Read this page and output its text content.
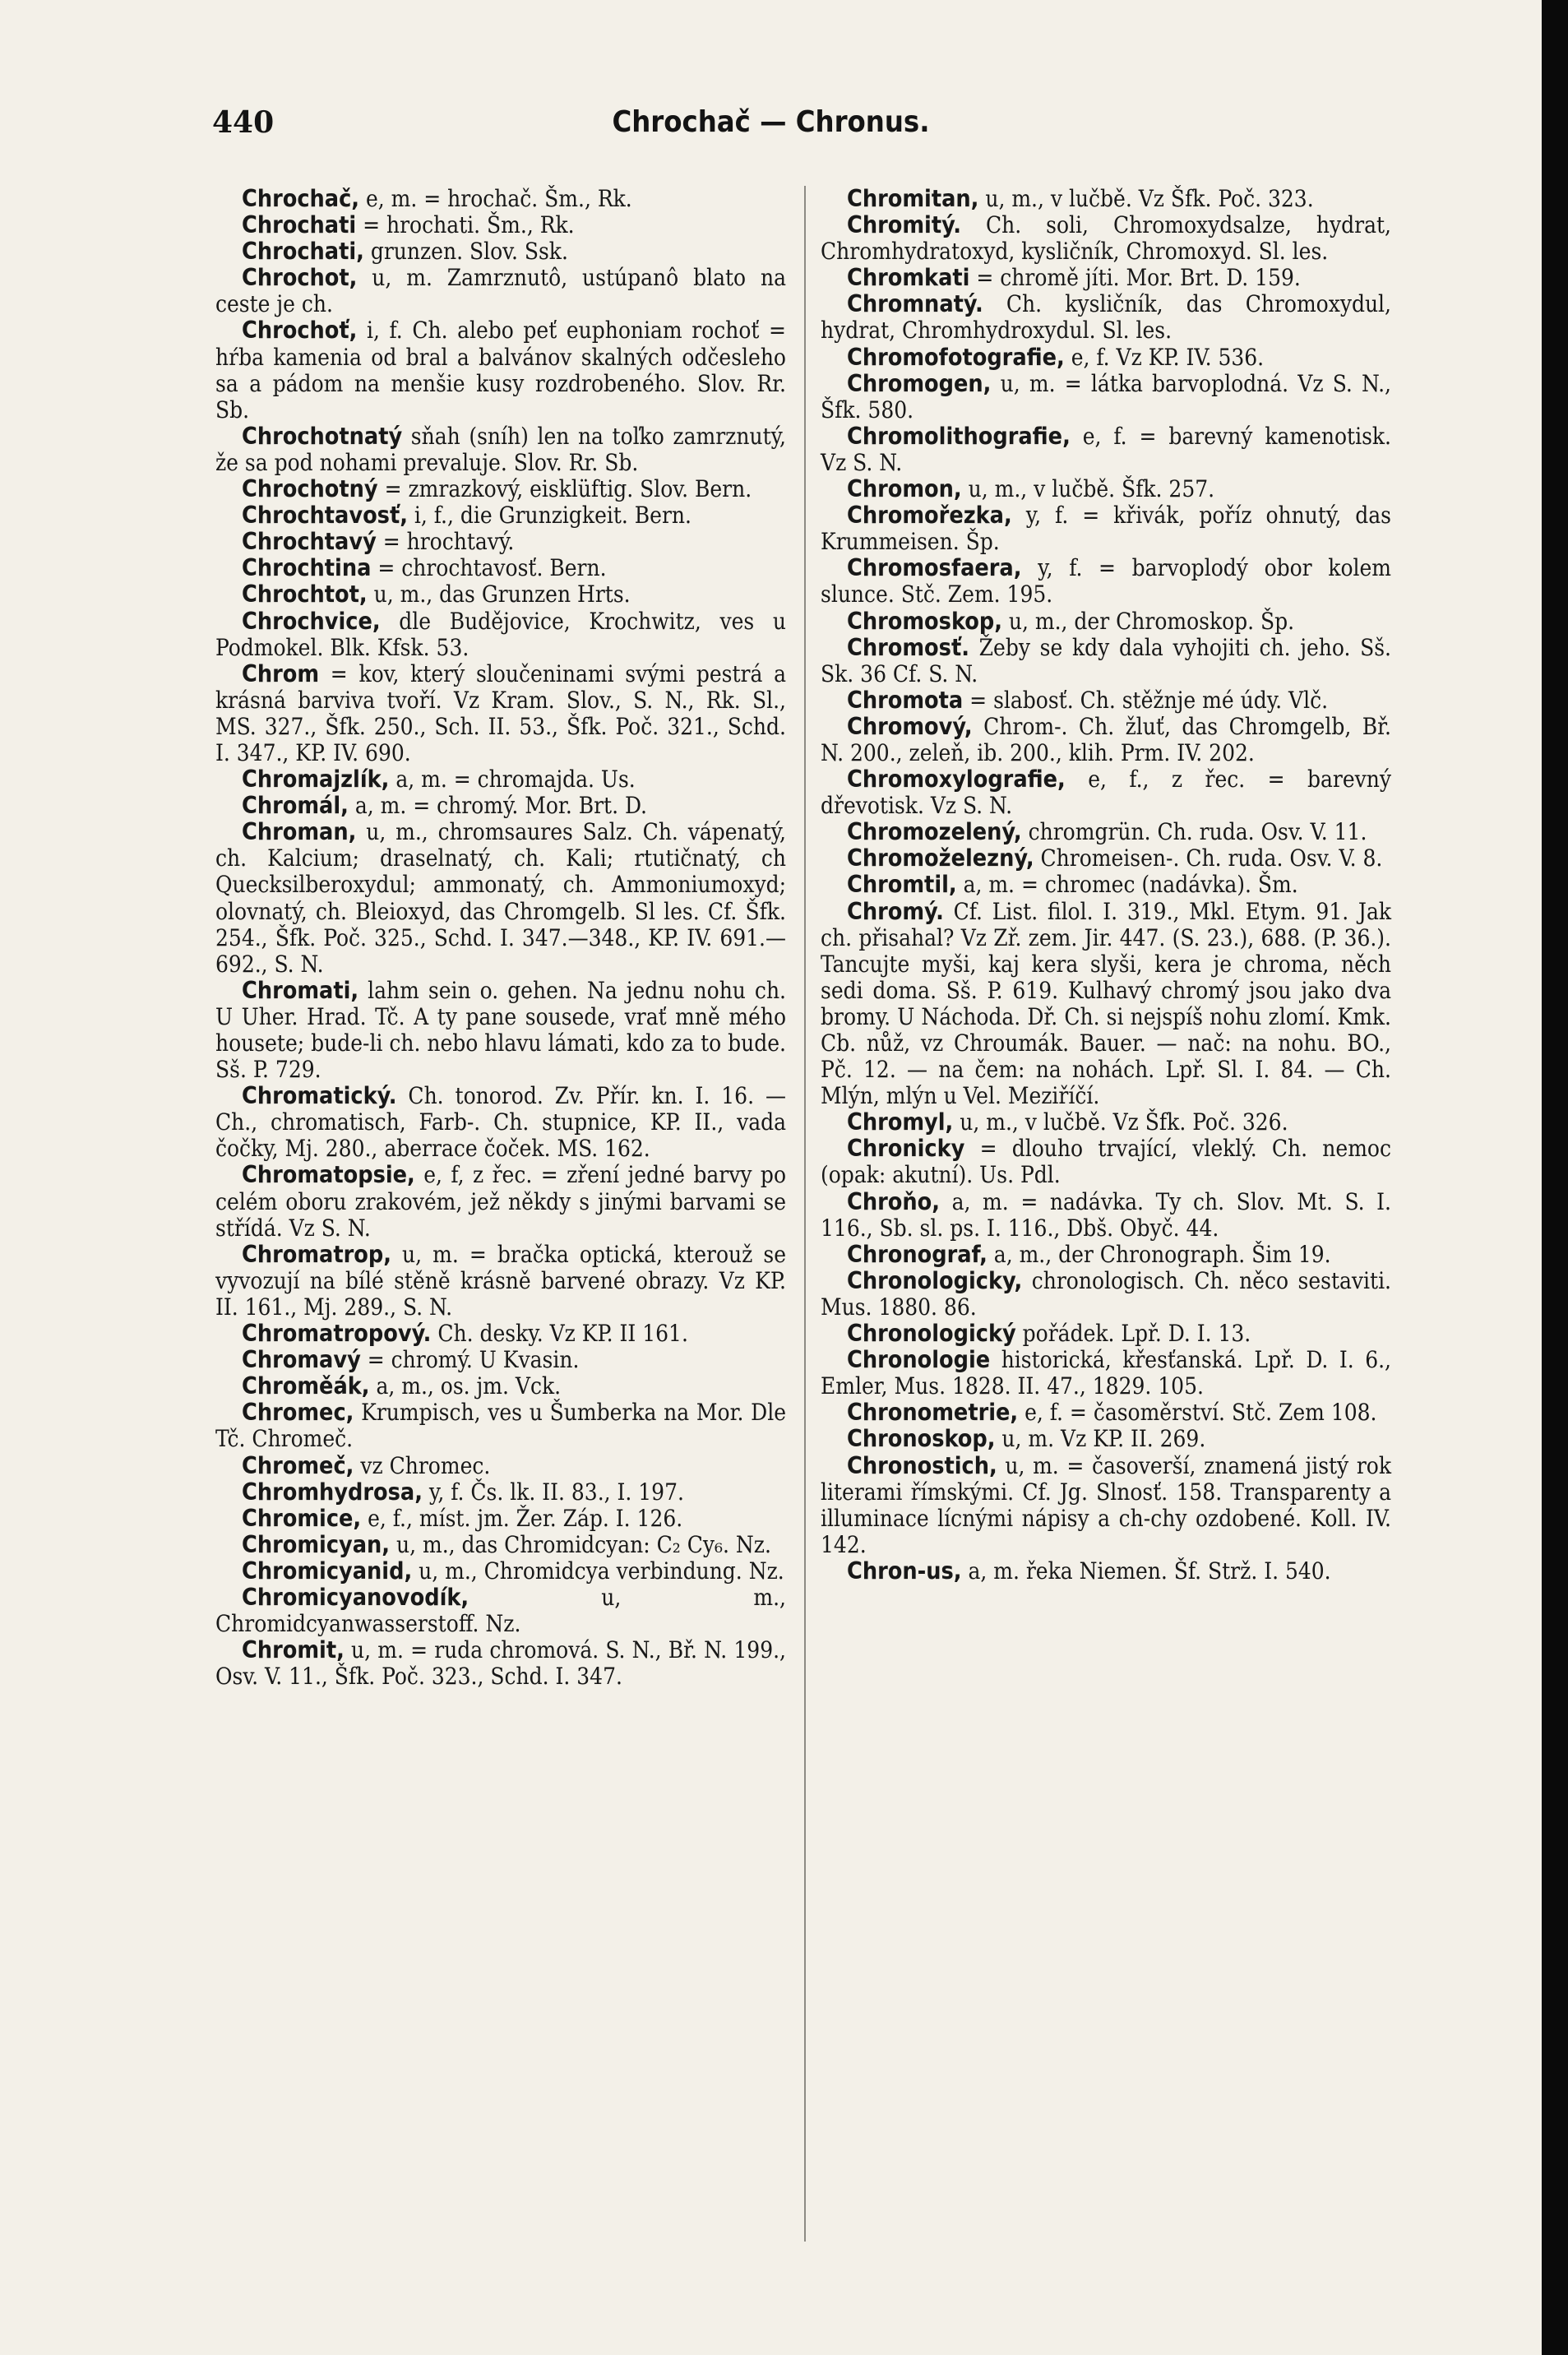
Chrochač — Chronus.
440

Chrochač, e, m. = hrochač. Šm., Rk.

Chrochati = hrochati. Šm., Rk.

Chrochati, grunzen. Slov. Ssk.

Chrochot, u, m. Zamrznutô, ustúpanô blato na ceste je ch.

Chrochoť, i, f. Ch. alebo peť euphoniam rochoť = hŕba kamenia od bral a balvánov skalných odčesleho sa a pádom na menšie kusy rozdrobeného. Slov. Rr. Sb.

Chrochotnatý sňah (sníh) len na toľko zamrznutý, že sa pod nohami prevaluje. Slov. Rr. Sb.

Chrochotný = zmrazkový, eisklüftig. Slov. Bern.

Chrochtavosť, i, f., die Grunzigkeit. Bern.

Chrochtavý = hrochtavý.

Chrochtina = chrochtavosť. Bern.

Chrochtot, u, m., das Grunzen Hrts.

Chrochvice, dle Budějovice, Krochwitz, ves u Podmokel. Blk. Kfsk. 53.

Chrom = kov, který sloučeninami svými pestrá a krásná barviva tvoří. Vz Kram. Slov., S. N., Rk. Sl., MS. 327., Šfk. 250., Sch. II. 53., Šfk. Poč. 321., Schd. I. 347., KP. IV. 690.

Chromajzlík, a, m. = chromajda. Us.

Chromál, a, m. = chromý. Mor. Brt. D.

Chroman, u, m., chromsaures Salz. Ch. vápenatý, ch. Kalcium; draselnatý, ch. Kali; rtutičnatý, ch Quecksilberoxydul; ammonatý, ch. Ammoniumoxyd; olovnatý, ch. Bleioxyd, das Chromgelb. Sl les. Cf. Šfk. 254., Šfk. Poč. 325., Schd. I. 347.—348., KP. IV. 691.—692., S. N.

Chromati, lahm sein o. gehen. Na jednu nohu ch. U Uher. Hrad. Tč. A ty pane sousede, vrať mně mého housete; bude-li ch. nebo hlavu lámati, kdo za to bude. Sš. P. 729.

Chromatický. Ch. tonorod. Zv. Přír. kn. I. 16. — Ch., chromatisch, Farb-. Ch. stupnice, KP. II., vada čočky, Mj. 280., aberrace čoček. MS. 162.

Chromatopsie, e, f, z řec. = zření jedné barvy po celém oboru zrakovém, jež někdy s jinými barvami se střídá. Vz S. N.

Chromatrop, u, m. = bračka optická, kterouž se vyvozují na bílé stěně krásně barvené obrazy. Vz KP. II. 161., Mj. 289., S. N.

Chromatropový. Ch. desky. Vz KP. II 161.

Chromavý = chromý. U Kvasin.

Chroměák, a, m., os. jm. Vck.

Chromec, Krumpisch, ves u Šumberka na Mor. Dle Tč. Chromeč.

Chromeč, vz Chromec.

Chromhydrosa, y, f. Čs. lk. II. 83., I. 197.

Chromice, e, f., míst. jm. Žer. Záp. I. 126.

Chromicyan, u, m., das Chromidcyan: C₂ Cy₆. Nz.

Chromicyanid, u, m., Chromidcya verbindung. Nz.

Chromicyanovodík, u, m., Chromidcyanwasserstoff. Nz.

Chromit, u, m. = ruda chromová. S. N., Bř. N. 199., Osv. V. 11., Šfk. Poč. 323., Schd. I. 347.

Chromitan, u, m., v lučbě. Vz Šfk. Poč. 323.

Chromitý. Ch. soli, Chromoxydsalze, hydrat, Chromhydratoxyd, kysličník, Chromoxyd. Sl. les.

Chromkati = chromě jíti. Mor. Brt. D. 159.

Chromnatý. Ch. kysličník, das Chromoxydul, hydrat, Chromhydroxydul. Sl. les.

Chromofotografie, e, f. Vz KP. IV. 536.

Chromogen, u, m. = látka barvoplodná. Vz S. N., Šfk. 580.

Chromolithografie, e, f. = barevný kamenotisk. Vz S. N.

Chromon, u, m., v lučbě. Šfk. 257.

Chromořezka, y, f. = křivák, poříz ohnutý, das Krummeisen. Šp.

Chromosfaera, y, f. = barvoplodý obor kolem slunce. Stč. Zem. 195.

Chromoskop, u, m., der Chromoskop. Šp.

Chromosť. Žeby se kdy dala vyhojiti ch. jeho. Sš. Sk. 36 Cf. S. N.

Chromota = slabosť. Ch. stěžnje mé údy. Vlč.

Chromový, Chrom-. Ch. žluť, das Chromgelb, Bř. N. 200., zeleň, ib. 200., klih. Prm. IV. 202.

Chromoxylografie, e, f., z řec. = barevný dřevotisk. Vz S. N.

Chromozelený, chromgrün. Ch. ruda. Osv. V. 11.

Chromoželezný, Chromeisen-. Ch. ruda. Osv. V. 8.

Chromtil, a, m. = chromec (nadávka). Šm.

Chromý. Cf. List. filol. I. 319., Mkl. Etym. 91. Jak ch. přisahal? Vz Zř. zem. Jir. 447. (S. 23.), 688. (P. 36.). Tancujte myši, kaj kera slyši, kera je chroma, něch sedi doma. Sš. P. 619. Kulhavý chromý jsou jako dva bromy. U Náchoda. Dř. Ch. si nejspíš nohu zlomí. Kmk. Cb. nůž, vz Chroumák. Bauer. — nač: na nohu. BO., Pč. 12. — na čem: na nohách. Lpř. Sl. I. 84. — Ch. Mlýn, mlýn u Vel. Meziříčí.

Chromyl, u, m., v lučbě. Vz Šfk. Poč. 326.

Chronicky = dlouho trvající, vleklý. Ch. nemoc (opak: akutní). Us. Pdl.

Chroňo, a, m. = nadávka. Ty ch. Slov. Mt. S. I. 116., Sb. sl. ps. I. 116., Dbš. Obyč. 44.

Chronograf, a, m., der Chronograph. Šim 19.

Chronologicky, chronologisch. Ch. něco sestaviti. Mus. 1880. 86.

Chronologický pořádek. Lpř. D. I. 13.

Chronologie historická, křesťanská. Lpř. D. I. 6., Emler, Mus. 1828. II. 47., 1829. 105.

Chronometrie, e, f. = časoměrství. Stč. Zem 108.

Chronoskop, u, m. Vz KP. II. 269.

Chronostich, u, m. = časoverší, znamená jistý rok literami římskými. Cf. Jg. Slnosť. 158. Transparenty a illuminace lícnými nápisy a ch-chy ozdobené. Koll. IV. 142.

Chron-us, a, m. řeka Niemen. Šf. Strž. I. 540.
